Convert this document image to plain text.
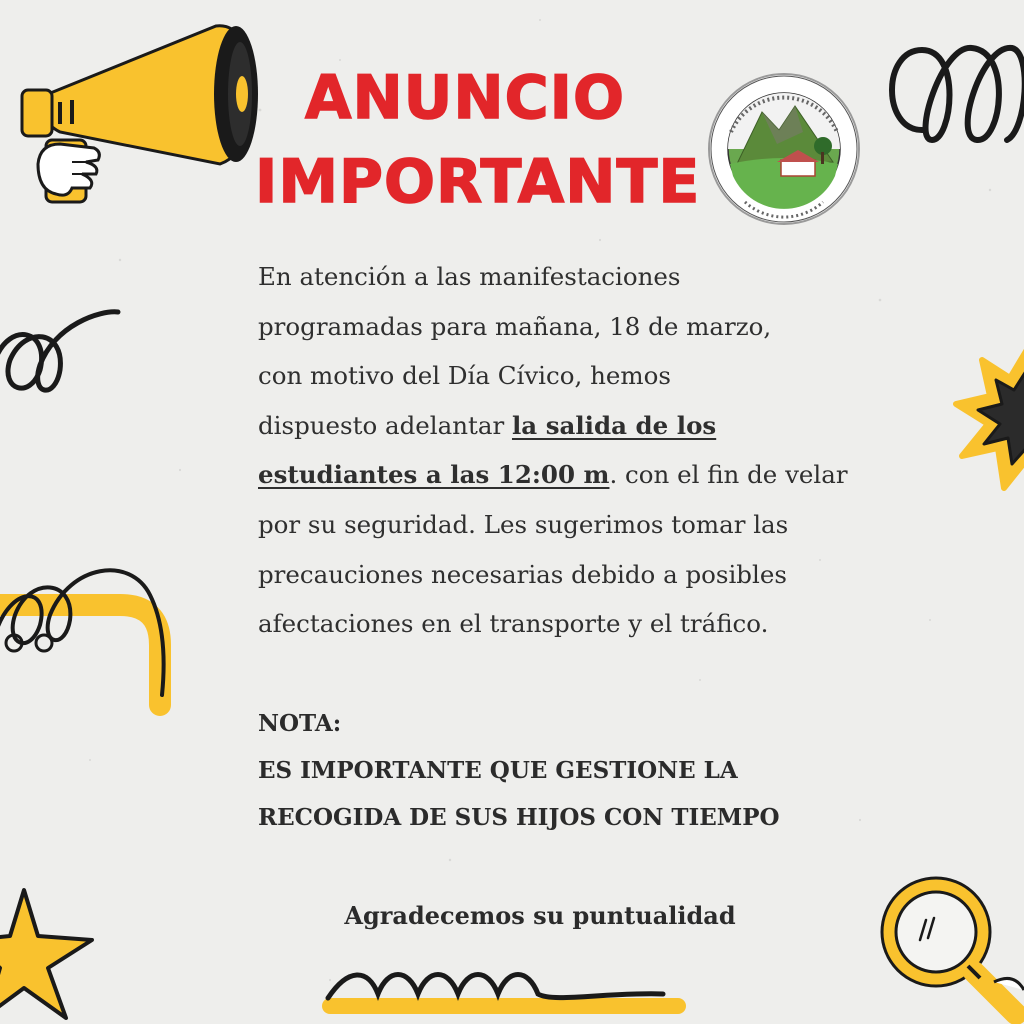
ANUNCIO
IMPORTANTE
En atención a las manifestaciones
programadas para mañana, 18 de marzo,
con motivo del Día Cívico, hemos
dispuesto adelantar la salida de los
estudiantes a las 12:00 m. con el fin de velar
por su seguridad. Les sugerimos tomar las
precauciones necesarias debido a posibles
afectaciones en el transporte y el tráfico.
NOTA:
ES IMPORTANTE QUE GESTIONE LA
RECOGIDA DE SUS HIJOS CON TIEMPO
Agradecemos su puntualidad
